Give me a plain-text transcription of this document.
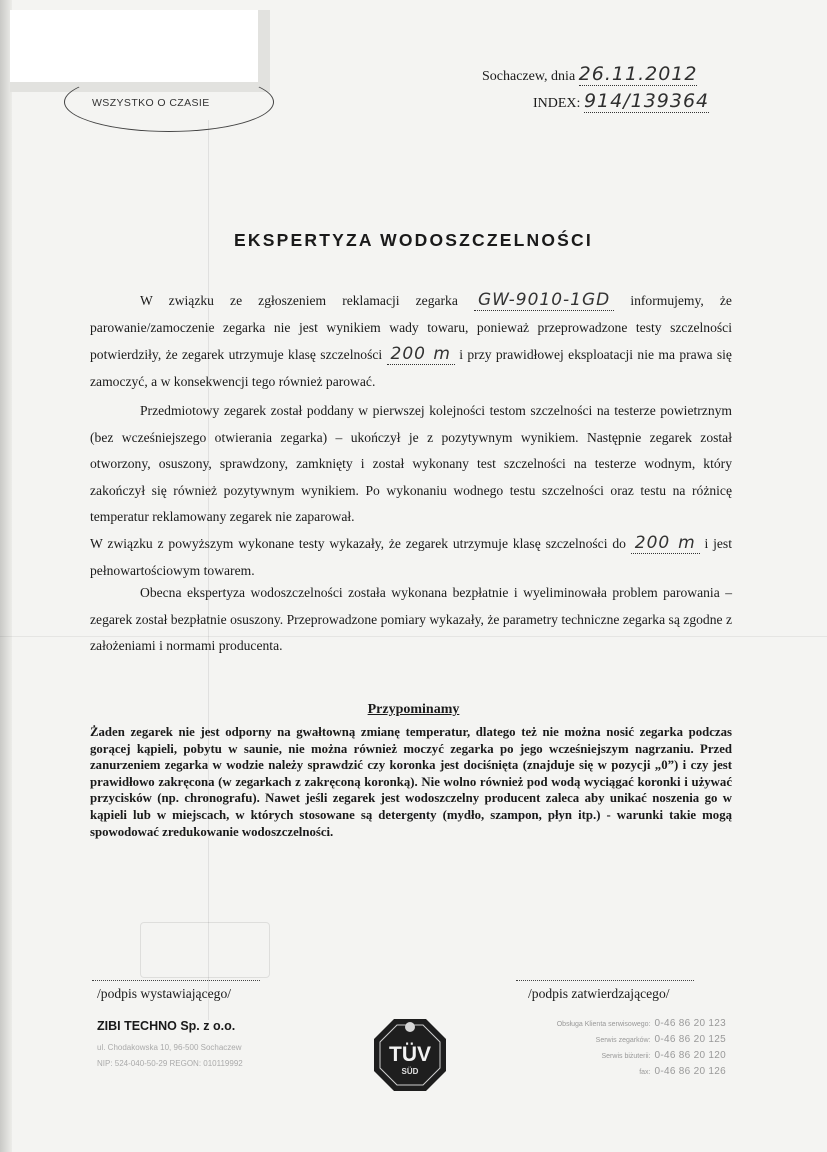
WSZYSTKO O CZASIE
Sochaczew, dnia 26.11.2012
INDEX: 914/139364
EKSPERTYZA WODOSZCZELNOŚCI
W związku ze zgłoszeniem reklamacji zegarka GW-9010-1GD informujemy, że parowanie/zamoczenie zegarka nie jest wynikiem wady towaru, ponieważ przeprowadzone testy szczelności potwierdziły, że zegarek utrzymuje klasę szczelności 200 m i przy prawidłowej eksploatacji nie ma prawa się zamoczyć, a w konsekwencji tego również parować.
Przedmiotowy zegarek został poddany w pierwszej kolejności testom szczelności na testerze powietrznym (bez wcześniejszego otwierania zegarka) – ukończył je z pozytywnym wynikiem. Następnie zegarek został otworzony, osuszony, sprawdzony, zamknięty i został wykonany test szczelności na testerze wodnym, który zakończył się również pozytywnym wynikiem. Po wykonaniu wodnego testu szczelności oraz testu na różnicę temperatur reklamowany zegarek nie zaparował.
W związku z powyższym wykonane testy wykazały, że zegarek utrzymuje klasę szczelności do 200 m i jest pełnowartościowym towarem.
Obecna ekspertyza wodoszczelności została wykonana bezpłatnie i wyeliminowała problem parowania – zegarek został bezpłatnie osuszony. Przeprowadzone pomiary wykazały, że parametry techniczne zegarka są zgodne z założeniami i normami producenta.
Przypominamy
Żaden zegarek nie jest odporny na gwałtowną zmianę temperatur, dlatego też nie można nosić zegarka podczas gorącej kąpieli, pobytu w saunie, nie można również moczyć zegarka po jego wcześniejszym nagrzaniu. Przed zanurzeniem zegarka w wodzie należy sprawdzić czy koronka jest dociśnięta (znajduje się w pozycji „0”) i czy jest prawidłowo zakręcona (w zegarkach z zakręconą koronką). Nie wolno również pod wodą wyciągać koronki i używać przycisków (np. chronografu). Nawet jeśli zegarek jest wodoszczelny producent zaleca aby unikać noszenia go w kąpieli lub w miejscach, w których stosowane są detergenty (mydło, szampon, płyn itp.) - warunki takie mogą spowodować zredukowanie wodoszczelności.

/podpis wystawiającego/	/podpis zatwierdzającego/
ZIBI TECHNO Sp. z o.o.
ul. Chodakowska 10, 96-500 Sochaczew
NIP: 524-040-50-29 REGON: 010119992	TÜV
SÜD
Obsługa Klienta serwisowego: 0-46 86 20 123
Serwis zegarków: 0-46 86 20 125
Serwis biżuterii: 0-46 86 20 120
fax: 0-46 86 20 126
